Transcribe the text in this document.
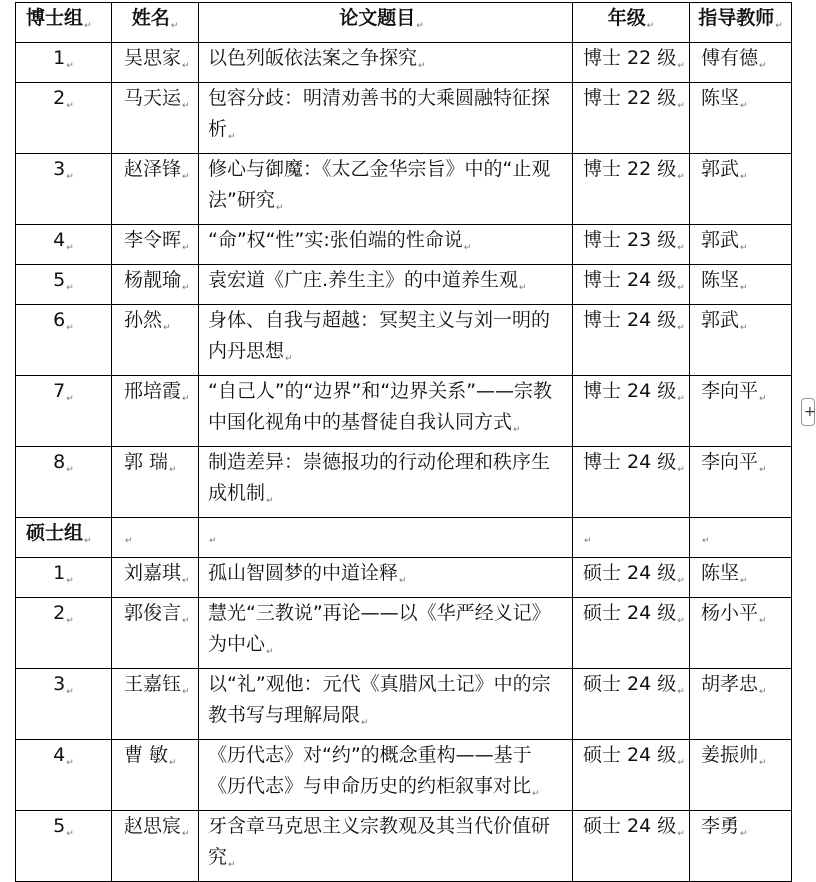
博士组$_↵$	姓名$_↵$	论文题目$_↵$	年级$_↵$	指导教师$_↵$

$1_↵$	吴思家$_↵$	以色列皈依法案之争探究$_↵$	博士 22 级$_↵$	傅有德$_↵$

$2_↵$	马天运$_↵$	包容分歧：明清劝善书的大乘圆融特征探析$_↵$	博士 22 级$_↵$	陈坚$_↵$

$3_↵$	赵泽锋$_↵$	修心与御魔：《太乙金华宗旨》中的“止观法”研究$_↵$	博士 22 级$_↵$	郭武$_↵$

$4_↵$	李令晖$_↵$	“命”权“性”实:张伯端的性命说$_↵$	博士 23 级$_↵$	郭武$_↵$

$5_↵$	杨靓瑜$_↵$	袁宏道《广庄.养生主》的中道养生观$_↵$	博士 24 级$_↵$	陈坚$_↵$

$6_↵$	孙然$_↵$	身体、自我与超越：冥契主义与刘一明的内丹思想$_↵$	博士 24 级$_↵$	郭武$_↵$

$7_↵$	邢培霞$_↵$	“自己人”的“边界”和“边界关系”——宗教中国化视角中的基督徒自我认同方式$_↵$	博士 24 级$_↵$	李向平$_↵$

$8_↵$	郭 瑞$_↵$	制造差异：崇德报功的行动伦理和秩序生成机制$_↵$	博士 24 级$_↵$	李向平$_↵$

硕士组$_↵$	$_↵$	$_↵$	$_↵$	$_↵$

$1_↵$	刘嘉琪$_↵$	孤山智圆梦的中道诠释$_↵$	硕士 24 级$_↵$	陈坚$_↵$

$2_↵$	郭俊言$_↵$	慧光“三教说”再论——以《华严经义记》为中心$_↵$	硕士 24 级$_↵$	杨小平$_↵$

$3_↵$	王嘉钰$_↵$	以“礼”观他：元代《真腊风土记》中的宗教书写与理解局限$_↵$	硕士 24 级$_↵$	胡孝忠$_↵$

$4_↵$	曹 敏$_↵$	《历代志》对“约”的概念重构——基于《历代志》与申命历史的约柜叙事对比$_↵$	硕士 24 级$_↵$	姜振帅$_↵$

$5_↵$	赵思宸$_↵$	牙含章马克思主义宗教观及其当代价值研究$_↵$	硕士 24 级$_↵$	李勇$_↵$
+
